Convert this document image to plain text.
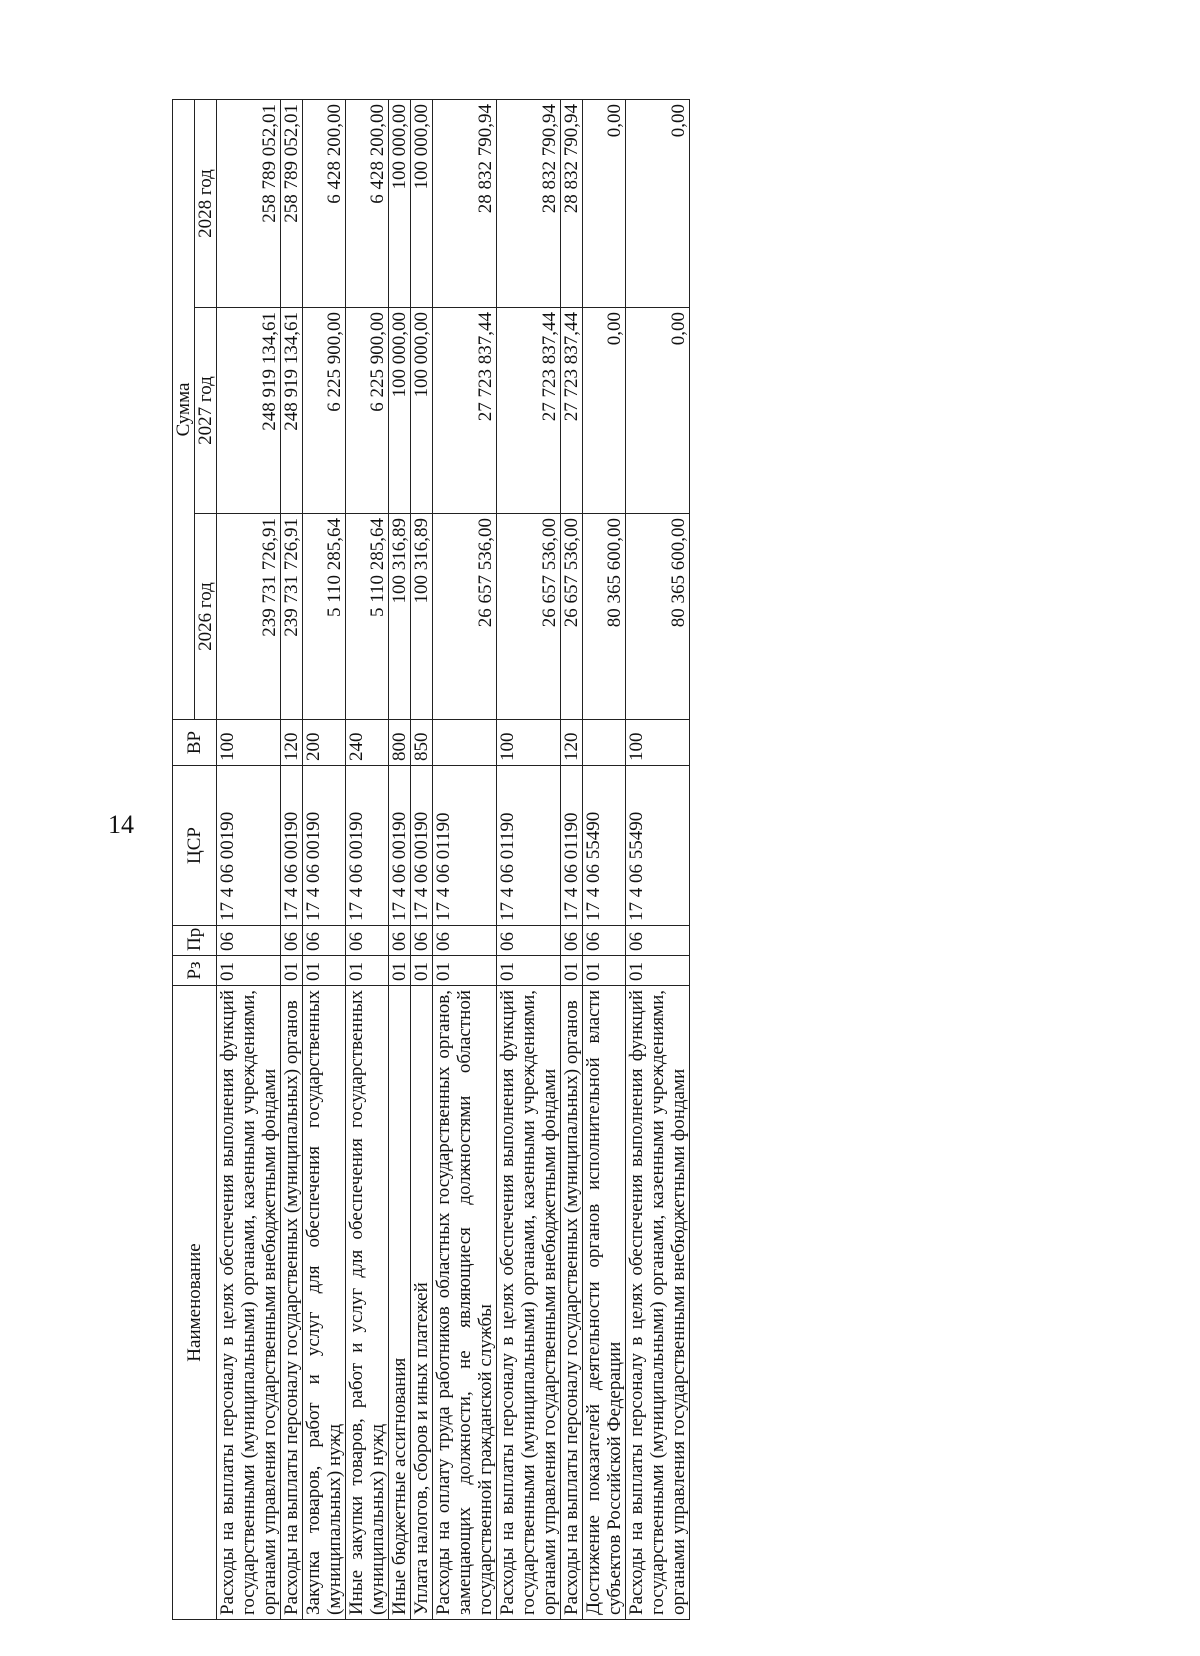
14
Наименование	Рз	Пр	ЦСР	ВР	Сумма		
					2026 год	2027 год	2028 год
Расходы на выплаты персоналу в целях обеспечения выполнения функций государственными (муниципальными) органами, казенными учреждениями, органами управления государственными внебюджетными фондами	01	06	17 4 06 00190	100	239 731 726,91	248 919 134,61	258 789 052,01
Расходы на выплаты персоналу государственных (муниципальных) органов	01	06	17 4 06 00190	120	239 731 726,91	248 919 134,61	258 789 052,01
Закупка товаров, работ и услуг для обеспечения государственных (муниципальных) нужд	01	06	17 4 06 00190	200	5 110 285,64	6 225 900,00	6 428 200,00
Иные закупки товаров, работ и услуг для обеспечения государственных (муниципальных) нужд	01	06	17 4 06 00190	240	5 110 285,64	6 225 900,00	6 428 200,00
Иные бюджетные ассигнования	01	06	17 4 06 00190	800	100 316,89	100 000,00	100 000,00
Уплата налогов, сборов и иных платежей	01	06	17 4 06 00190	850	100 316,89	100 000,00	100 000,00
Расходы на оплату труда работников областных государственных органов, замещающих должности, не являющиеся должностями областной государственной гражданской службы	01	06	17 4 06 01190		26 657 536,00	27 723 837,44	28 832 790,94
Расходы на выплаты персоналу в целях обеспечения выполнения функций государственными (муниципальными) органами, казенными учреждениями, органами управления государственными внебюджетными фондами	01	06	17 4 06 01190	100	26 657 536,00	27 723 837,44	28 832 790,94
Расходы на выплаты персоналу государственных (муниципальных) органов	01	06	17 4 06 01190	120	26 657 536,00	27 723 837,44	28 832 790,94
Достижение показателей деятельности органов исполнительной власти субъектов Российской Федерации	01	06	17 4 06 55490		80 365 600,00	0,00	0,00
Расходы на выплаты персоналу в целях обеспечения выполнения функций государственными (муниципальными) органами, казенными учреждениями, органами управления государственными внебюджетными фондами	01	06	17 4 06 55490	100	80 365 600,00	0,00	0,00
